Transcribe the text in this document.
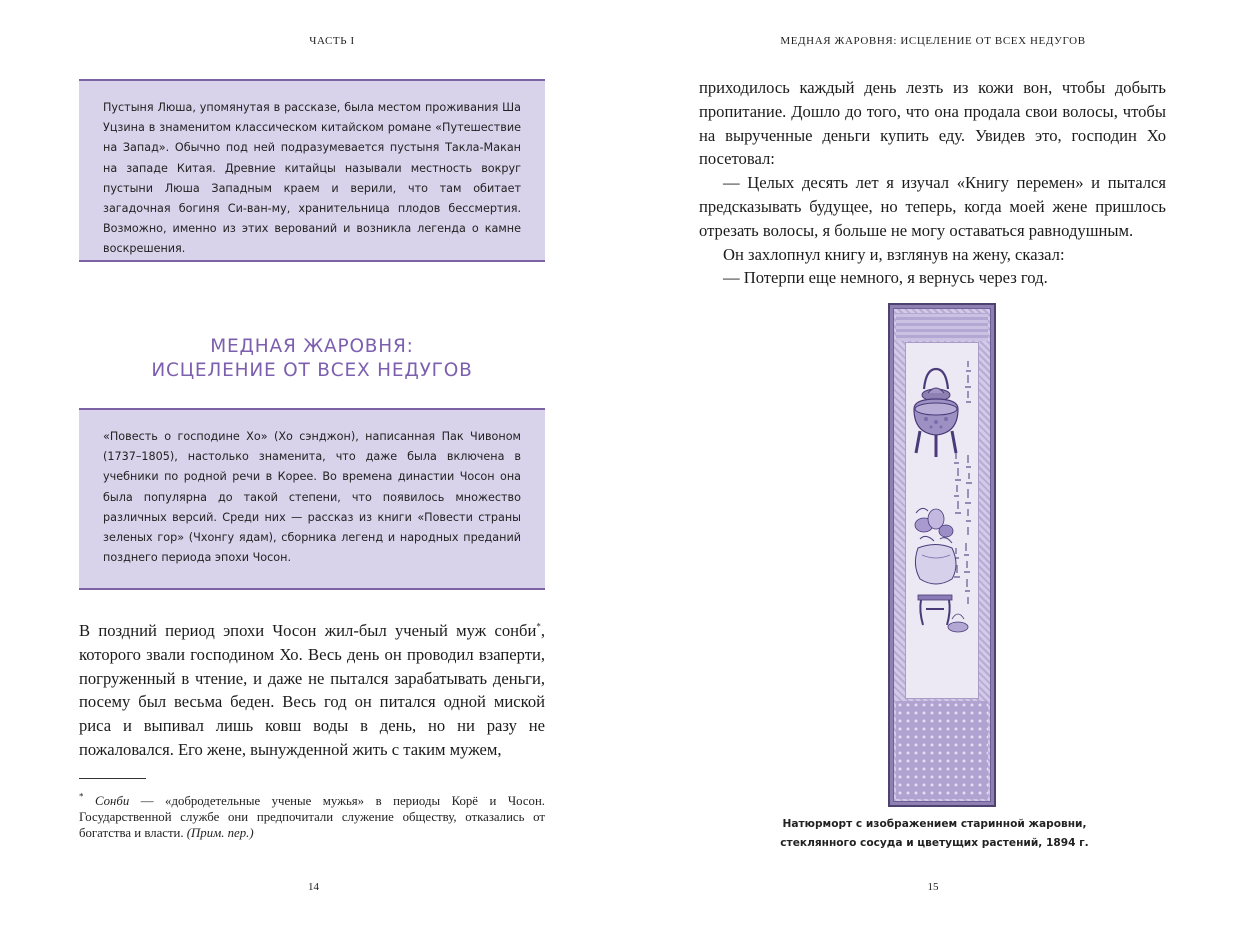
ЧАСТЬ I
Пустыня Люша, упомянутая в рассказе, была местом проживания Ша Уцзина в знаменитом классическом китайском романе «Путешествие на Запад». Обычно под ней подразумевается пустыня Такла-Макан на западе Китая. Древние китайцы называли местность вокруг пустыни Люша Западным краем и верили, что там обитает загадочная богиня Си-ван-му, хранительница плодов бессмертия. Возможно, именно из этих верований и возникла легенда о камне воскрешения.
МЕДНАЯ ЖАРОВНЯ:
ИСЦЕЛЕНИЕ ОТ ВСЕХ НЕДУГОВ
«Повесть о господине Хо» (Хо сэнджон), написанная Пак Чивоном (1737–1805), настолько знаменита, что даже была включена в учебники по родной речи в Корее. Во времена династии Чосон она была популярна до такой степени, что появилось множество различных версий. Среди них — рассказ из книги «Повести страны зеленых гор» (Чхонгу ядам), сборника легенд и народных преданий позднего периода эпохи Чосон.
В поздний период эпохи Чосон жил-был ученый муж сонби*, которого звали господином Хо. Весь день он проводил взаперти, погруженный в чтение, и даже не пытался зарабатывать деньги, посему был весьма беден. Весь год он питался одной миской риса и выпивал лишь ковш воды в день, но ни разу не пожаловался. Его жене, вынужденной жить с таким мужем,
* Сонби — «добродетельные ученые мужья» в периоды Корё и Чосон. Государственной службе они предпочитали служение обществу, отказались от богатства и власти. (Прим. пер.)
14
МЕДНАЯ ЖАРОВНЯ: ИСЦЕЛЕНИЕ ОТ ВСЕХ НЕДУГОВ

приходилось каждый день лезть из кожи вон, чтобы добыть пропитание. Дошло до того, что она продала свои волосы, чтобы на вырученные деньги купить еду. Увидев это, господин Хо посетовал:

— Целых десять лет я изучал «Книгу перемен» и пытался предсказывать будущее, но теперь, когда моей жене пришлось отрезать волосы, я больше не могу оставаться равнодушным.

Он захлопнул книгу и, взглянув на жену, сказал:

— Потерпи еще немного, я вернусь через год.

Натюрморт с изображением старинной жаровни,
стеклянного сосуда и цветущих растений, 1894 г.
15
